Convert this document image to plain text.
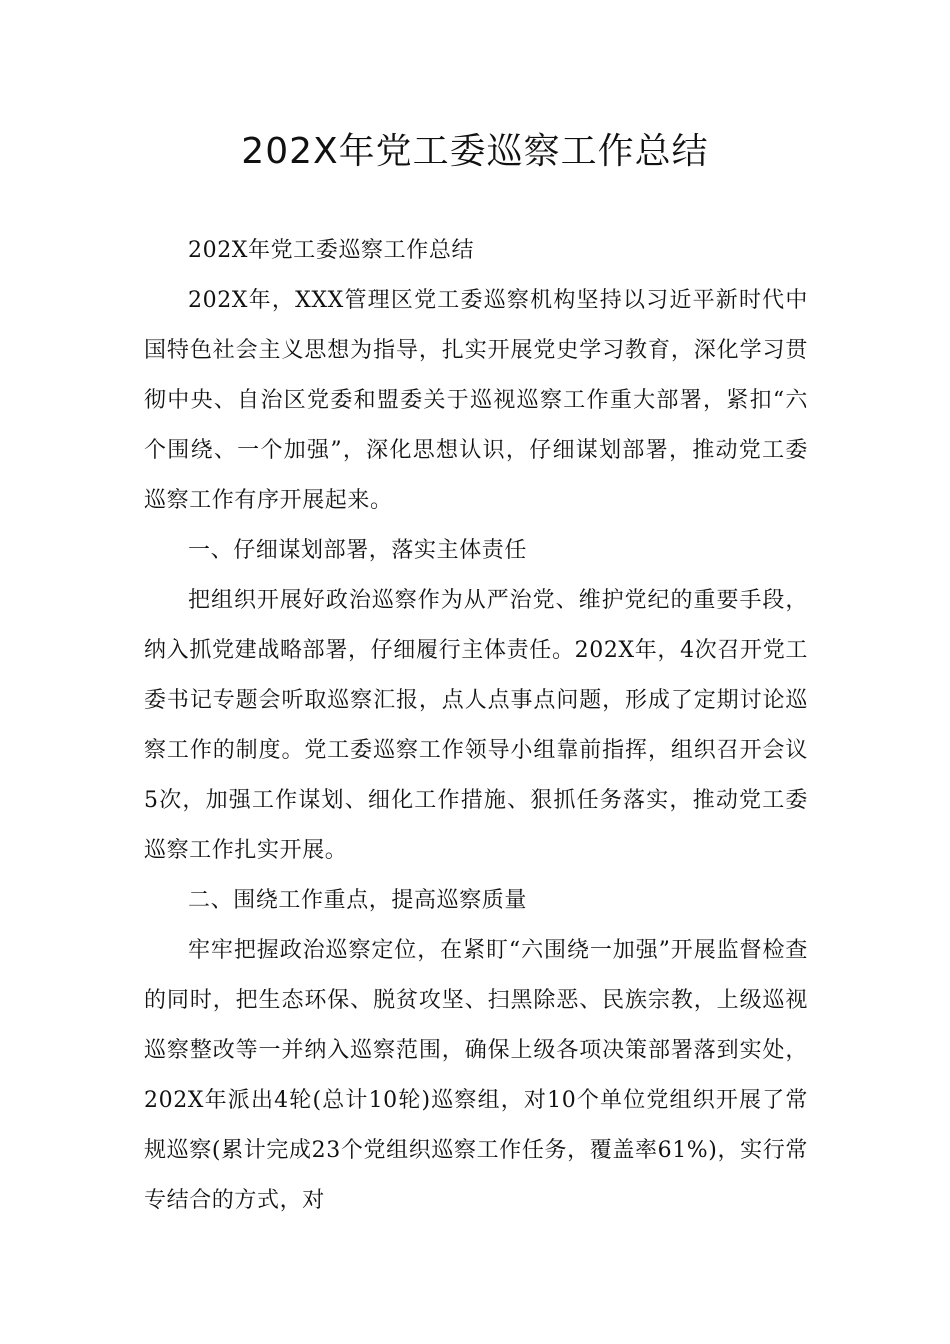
202X年党工委巡察工作总结

202X年党工委巡察工作总结

202X年，XXX管理区党工委巡察机构坚持以习近平新时代中国特色社会主义思想为指导，扎实开展党史学习教育，深化学习贯彻中央、自治区党委和盟委关于巡视巡察工作重大部署，紧扣“六个围绕、一个加强”，深化思想认识，仔细谋划部署，推动党工委巡察工作有序开展起来。

一、仔细谋划部署，落实主体责任

把组织开展好政治巡察作为从严治党、维护党纪的重要手段，纳入抓党建战略部署，仔细履行主体责任。202X年，4次召开党工委书记专题会听取巡察汇报，点人点事点问题，形成了定期讨论巡察工作的制度。党工委巡察工作领导小组靠前指挥，组织召开会议5次，加强工作谋划、细化工作措施、狠抓任务落实，推动党工委巡察工作扎实开展。

二、围绕工作重点，提高巡察质量

牢牢把握政治巡察定位，在紧盯“六围绕一加强”开展监督检查的同时，把生态环保、脱贫攻坚、扫黑除恶、民族宗教，上级巡视巡察整改等一并纳入巡察范围，确保上级各项决策部署落到实处，202X年派出4轮(总计10轮)巡察组，对10个单位党组织开展了常规巡察(累计完成23个党组织巡察工作任务，覆盖率61%)，实行常专结合的方式，对
